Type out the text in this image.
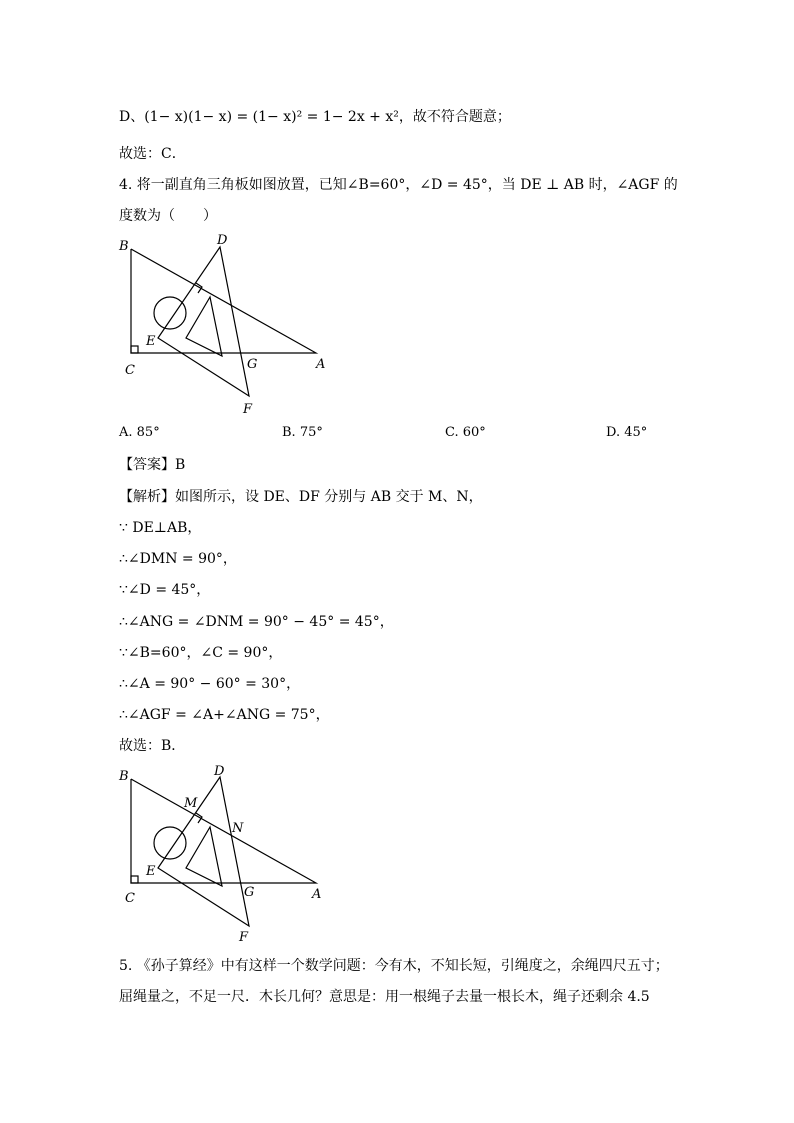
D、(1− x)(1− x) = (1− x)² = 1− 2x + x²，故不符合题意；
故选：C．
4. 将一副直角三角板如图放置，已知∠B=60°，∠D = 45°，当 DE ⊥ AB 时，∠AGF 的
度数为（　　）
B
C	A
D
E
F
G
A. 85°	B. 75°	C. 60°	D. 45°
【答案】B
【解析】如图所示，设 DE、DF 分别与 AB 交于 M、N，
∵ DE⊥AB，
∴∠DMN = 90°，
∵∠D = 45°，
∴∠ANG = ∠DNM = 90° − 45° = 45°，
∵∠B=60°，∠C = 90°，
∴∠A = 90° − 60° = 30°，
∴∠AGF = ∠A+∠ANG = 75°，
故选：B．
B
C	A
D
M
N
E
F
G
5. 《孙子算经》中有这样一个数学问题：今有木，不知长短，引绳度之，余绳四尺五寸；
屈绳量之，不足一尺．木长几何？意思是：用一根绳子去量一根长木，绳子还剩余 4.5
